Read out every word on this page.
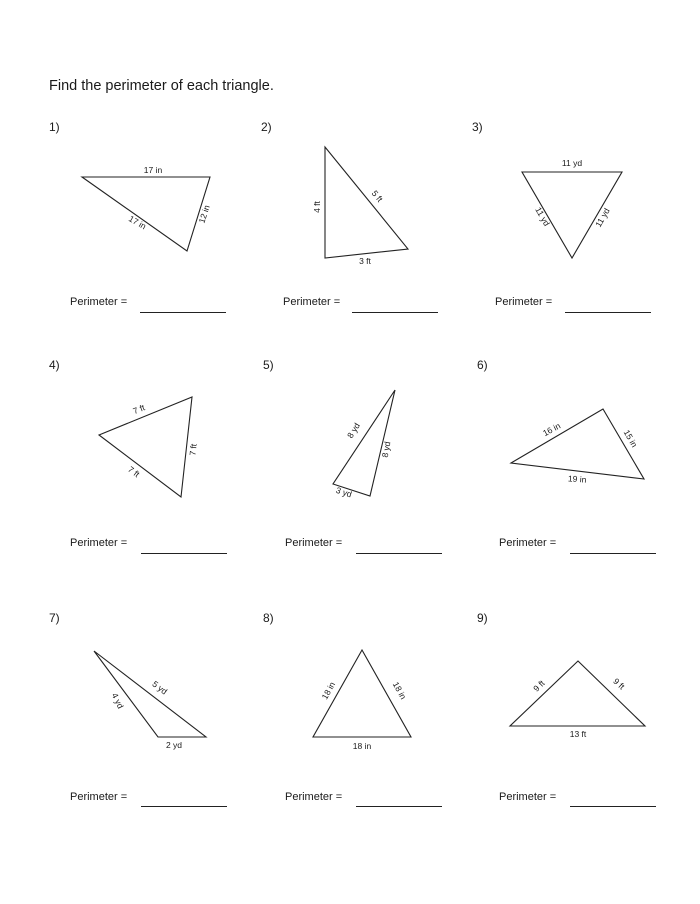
Find the perimeter of each triangle.
1)	2)	3)
4)	5)	6)
7)	8)	9)
17 in
17 in	12 in	4 ft
5 ft
3 ft
11 yd
11 yd	11 yd
7 ft
7 ft
7 ft
8 yd
8 yd
3 yd
16 in	15 in
19 in
5 yd
4 yd
2 yd
18 in	18 in
18 in
9 ft	9 ft
13 ft
Perimeter =	Perimeter =	Perimeter =
Perimeter =	Perimeter =	Perimeter =
Perimeter =	Perimeter =	Perimeter =
